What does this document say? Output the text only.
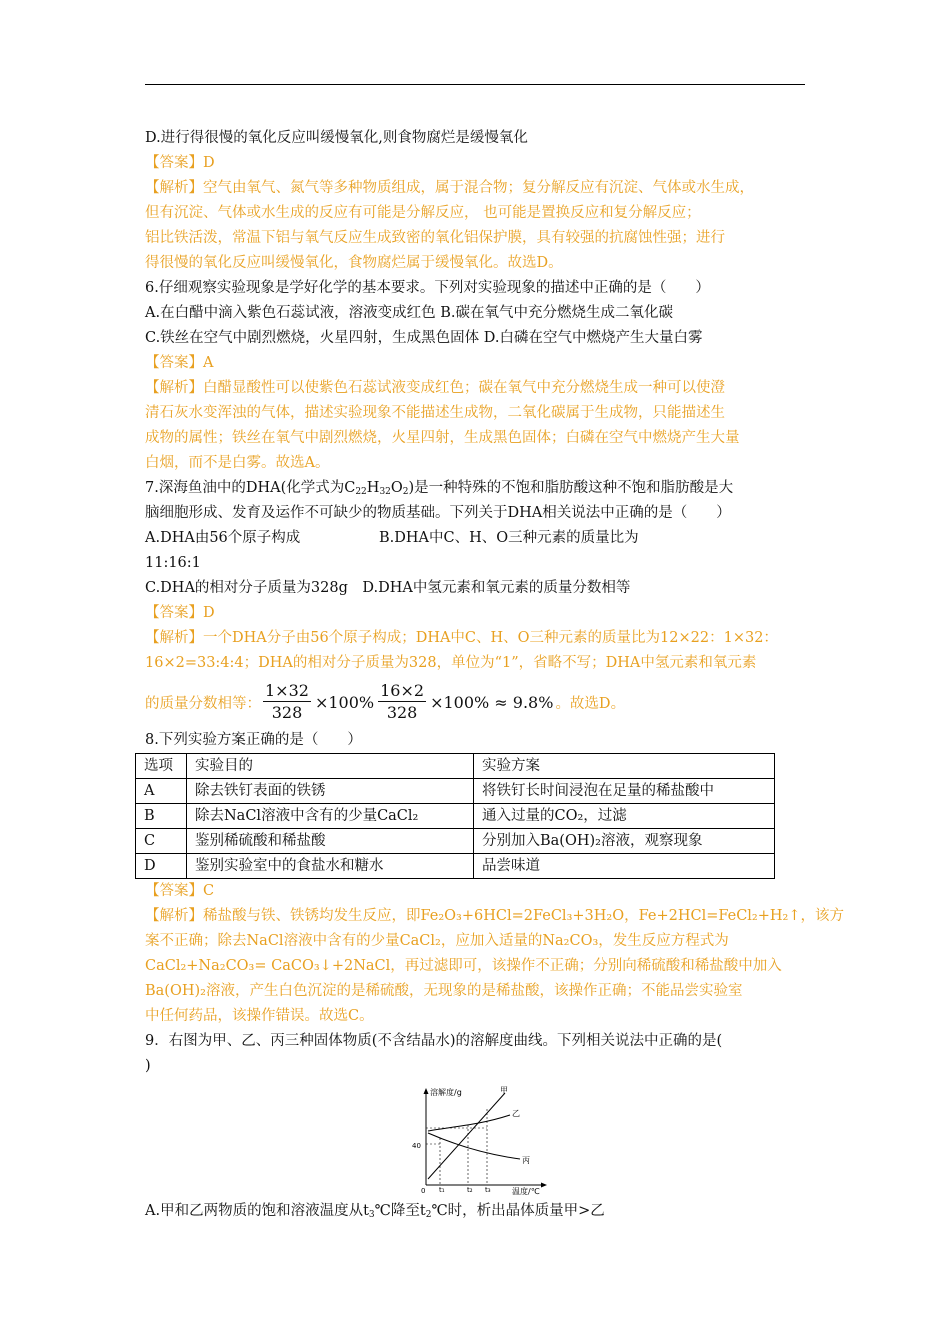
D.进行得很慢的氧化反应叫缓慢氧化,则食物腐烂是缓慢氧化
【答案】D
【解析】空气由氧气、氮气等多种物质组成，属于混合物；复分解反应有沉淀、气体或水生成，
但有沉淀、气体或水生成的反应有可能是分解反应， 也可能是置换反应和复分解反应；
铝比铁活泼，常温下铝与氧气反应生成致密的氧化铝保护膜，具有较强的抗腐蚀性强；进行
得很慢的氧化反应叫缓慢氧化，食物腐烂属于缓慢氧化。故选D。
6.仔细观察实验现象是学好化学的基本要求。下列对实验现象的描述中正确的是（　　）
A.在白醋中滴入紫色石蕊试液，溶液变成红色 B.碳在氧气中充分燃烧生成二氧化碳
C.铁丝在空气中剧烈燃烧，火星四射，生成黑色固体 D.白磷在空气中燃烧产生大量白雾
【答案】A
【解析】白醋显酸性可以使紫色石蕊试液变成红色；碳在氧气中充分燃烧生成一种可以使澄
清石灰水变浑浊的气体，描述实验现象不能描述生成物，二氧化碳属于生成物，只能描述生
成物的属性；铁丝在氧气中剧烈燃烧，火星四射，生成黑色固体；白磷在空气中燃烧产生大量
白烟，而不是白雾。故选A。
7.深海鱼油中的DHA(化学式为$C_{22}H_{32}O_2$)是一种特殊的不饱和脂肪酸这种不饱和脂肪酸是大
脑细胞形成、发育及运作不可缺少的物质基础。下列关于DHA相关说法中正确的是（　　）
A.DHA由56个原子构成	B.DHA中C、H、O三种元素的质量比为
11:16:1
C.DHA的相对分子质量为328g　D.DHA中氢元素和氧元素的质量分数相等
【答案】D
【解析】一个DHA分子由56个原子构成；DHA中C、H、O三种元素的质量比为12×22：1×32：
16×2=33:4:4；DHA的相对分子质量为328，单位为“1”，省略不写；DHA中氢元素和氧元素
的质量分数相等： $\frac{1\times 32}{328} \times 100\% \frac{16\times 2}{328} \times 100\% \approx 9.8\%$ 。故选D。
8.下列实验方案正确的是（　　）
选项	实验目的	实验方案
A	除去铁钉表面的铁锈	将铁钉长时间浸泡在足量的稀盐酸中
B	除去NaCl溶液中含有的少量CaCl₂	通入过量的CO₂，过滤
C	鉴别稀硫酸和稀盐酸	分别加入Ba(OH)₂溶液，观察现象
D	鉴别实验室中的食盐水和糖水	品尝味道
【答案】C
【解析】稀盐酸与铁、铁锈均发生反应，即Fe₂O₃+6HCl=2FeCl₃+3H₂O，Fe+2HCl=FeCl₂+H₂↑，该方
案不正确；除去NaCl溶液中含有的少量CaCl₂，应加入适量的Na₂CO₃，发生反应方程式为
CaCl₂+Na₂CO₃= CaCO₃↓+2NaCl，再过滤即可，该操作不正确；分别向稀硫酸和稀盐酸中加入
Ba(OH)₂溶液，产生白色沉淀的是稀硫酸，无现象的是稀盐酸，该操作正确；不能品尝实验室
中任何药品，该操作错误。故选C。
9．右图为甲、乙、丙三种固体物质(不含结晶水)的溶解度曲线。下列相关说法中正确的是(
)
溶解度/g
温度/℃
40
0 t₁	t₂ t₃
甲
乙
丙
A.甲和乙两物质的饱和溶液温度从$t_3℃$降至$t_2℃$时，析出晶体质量甲>乙
